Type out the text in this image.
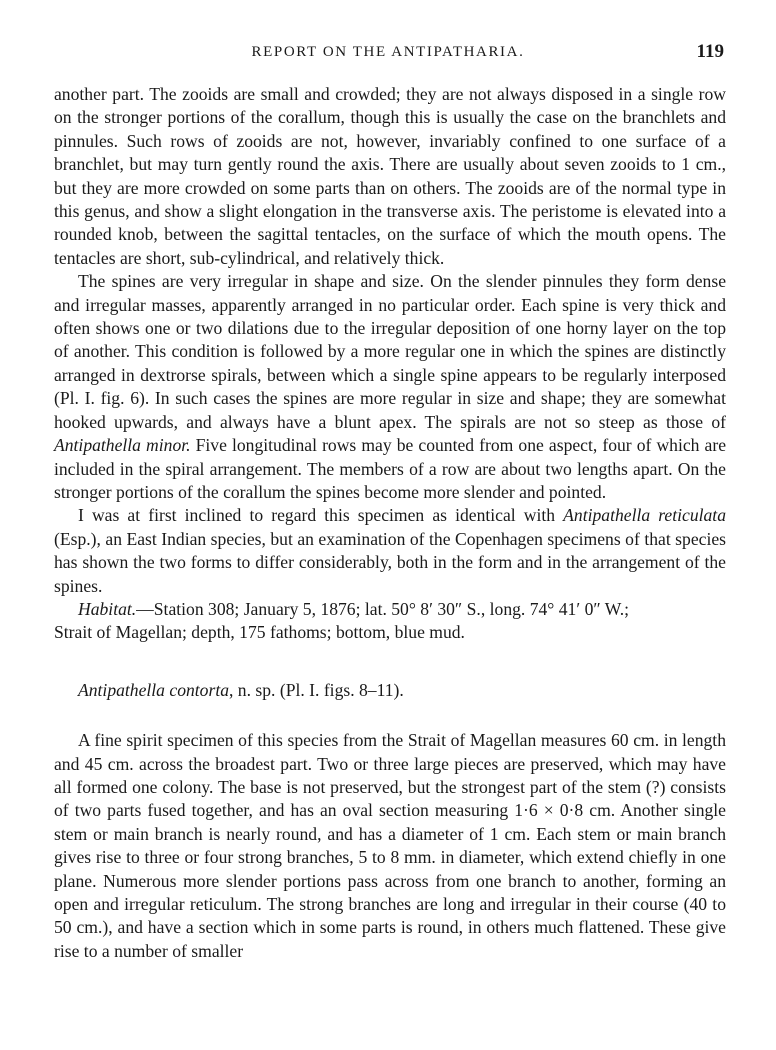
REPORT ON THE ANTIPATHARIA.	119

another part. The zooids are small and crowded; they are not always disposed in a single row on the stronger portions of the corallum, though this is usually the case on the branchlets and pinnules. Such rows of zooids are not, however, invariably confined to one surface of a branchlet, but may turn gently round the axis. There are usually about seven zooids to 1 cm., but they are more crowded on some parts than on others. The zooids are of the normal type in this genus, and show a slight elongation in the transverse axis. The peristome is elevated into a rounded knob, between the sagittal tentacles, on the surface of which the mouth opens. The tentacles are short, sub-cylindrical, and relatively thick.

The spines are very irregular in shape and size. On the slender pinnules they form dense and irregular masses, apparently arranged in no particular order. Each spine is very thick and often shows one or two dilations due to the irregular deposition of one horny layer on the top of another. This condition is followed by a more regular one in which the spines are distinctly arranged in dextrorse spirals, between which a single spine appears to be regularly interposed (Pl. I. fig. 6). In such cases the spines are more regular in size and shape; they are somewhat hooked upwards, and always have a blunt apex. The spirals are not so steep as those of Antipathella minor. Five longitudinal rows may be counted from one aspect, four of which are included in the spiral arrangement. The members of a row are about two lengths apart. On the stronger portions of the corallum the spines become more slender and pointed.

I was at first inclined to regard this specimen as identical with Antipathella reticulata (Esp.), an East Indian species, but an examination of the Copenhagen specimens of that species has shown the two forms to differ considerably, both in the form and in the arrangement of the spines.

Habitat.—Station 308; January 5, 1876; lat. 50° 8′ 30″ S., long. 74° 41′ 0″ W.;
Strait of Magellan; depth, 175 fathoms; bottom, blue mud.

Antipathella contorta, n. sp. (Pl. I. figs. 8–11).

A fine spirit specimen of this species from the Strait of Magellan measures 60 cm. in length and 45 cm. across the broadest part. Two or three large pieces are preserved, which may have all formed one colony. The base is not preserved, but the strongest part of the stem (?) consists of two parts fused together, and has an oval section measuring 1·6 × 0·8 cm. Another single stem or main branch is nearly round, and has a diameter of 1 cm. Each stem or main branch gives rise to three or four strong branches, 5 to 8 mm. in diameter, which extend chiefly in one plane. Numerous more slender portions pass across from one branch to another, forming an open and irregular reticulum. The strong branches are long and irregular in their course (40 to 50 cm.), and have a section which in some parts is round, in others much flattened. These give rise to a number of smaller
